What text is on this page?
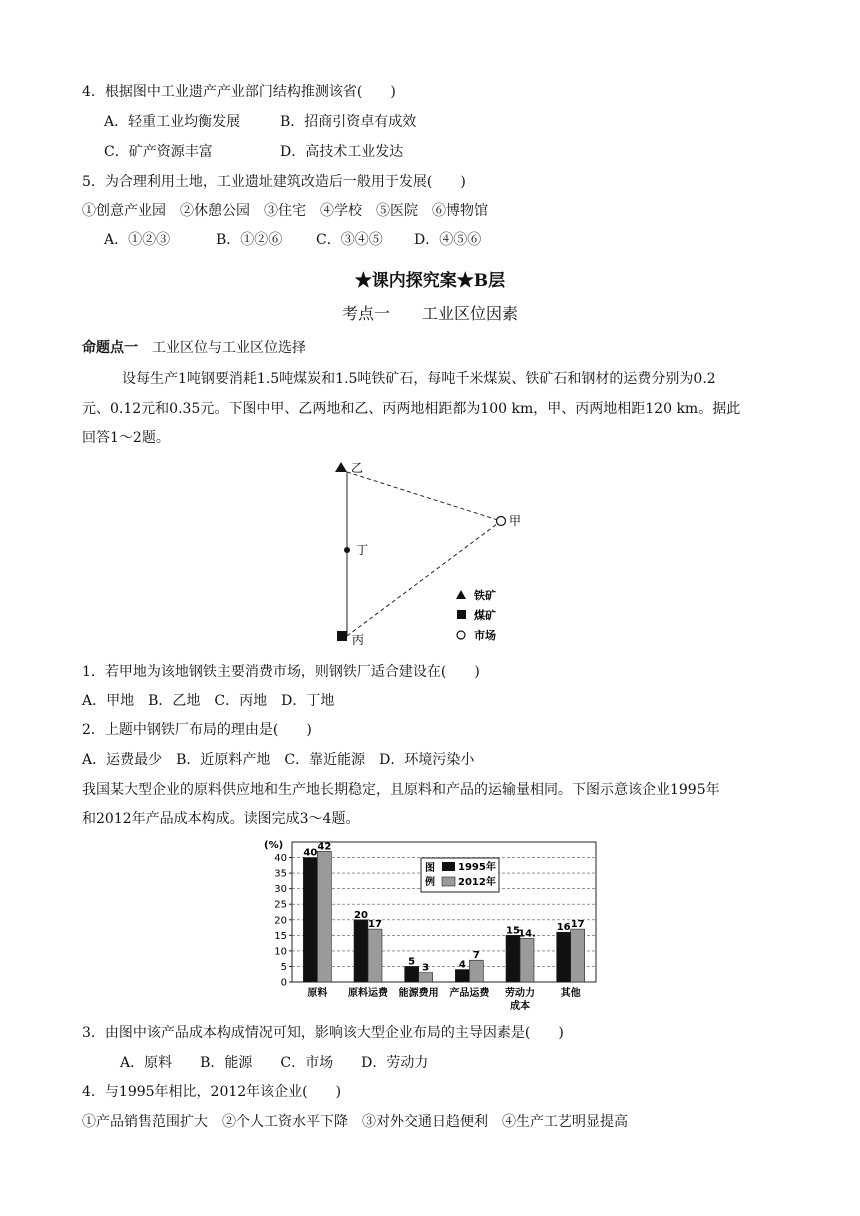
4．根据图中工业遗产产业部门结构推测该省(　　)
A．轻重工业均衡发展	B．招商引资卓有成效
C．矿产资源丰富	D．高技术工业发达
5．为合理利用土地，工业遗址建筑改造后一般用于发展(　　)
①创意产业园　②休憩公园　③住宅　④学校　⑤医院　⑥博物馆
A．①②③	B．①②⑥ C．③④⑤ D．④⑤⑥
★课内探究案★B层
考点一　　工业区位因素
命题点一　 工业区位与工业区位选择
设每生产1吨钢要消耗1.5吨煤炭和1.5吨铁矿石，每吨千米煤炭、铁矿石和钢材的运费分别为0.2
元、0.12元和0.35元。下图中甲、乙两地和乙、丙两地相距都为100 km，甲、丙两地相距120 km。据此
回答1～2题。
乙
甲
丁
丙
铁矿
煤矿
市场
1．若甲地为该地钢铁主要消费市场，则钢铁厂适合建设在(　　)
A．甲地　B．乙地　C．丙地　D．丁地
2．上题中钢铁厂布局的理由是(　　)
A．运费最少　B．近原料产地　C．靠近能源　D．环境污染小
我国某大型企业的原料供应地和生产地长期稳定，且原料和产品的运输量相同。下图示意该企业1995年
和2012年产品成本构成。读图完成3～4题。
(%)
0
5
10
15
20
25
30
35
40 40
42
20
17
5
3	4
7
15
14.
16 17
原料 原料运费 能源费用 产品运费 劳动力
成本
其他
图
例
1995年
2012年
3．由图中该产品成本构成情况可知，影响该大型企业布局的主导因素是(　　)
A．原料　　B．能源　　C．市场　　D．劳动力
4．与1995年相比，2012年该企业(　　)
①产品销售范围扩大　②个人工资水平下降　③对外交通日趋便利　④生产工艺明显提高
